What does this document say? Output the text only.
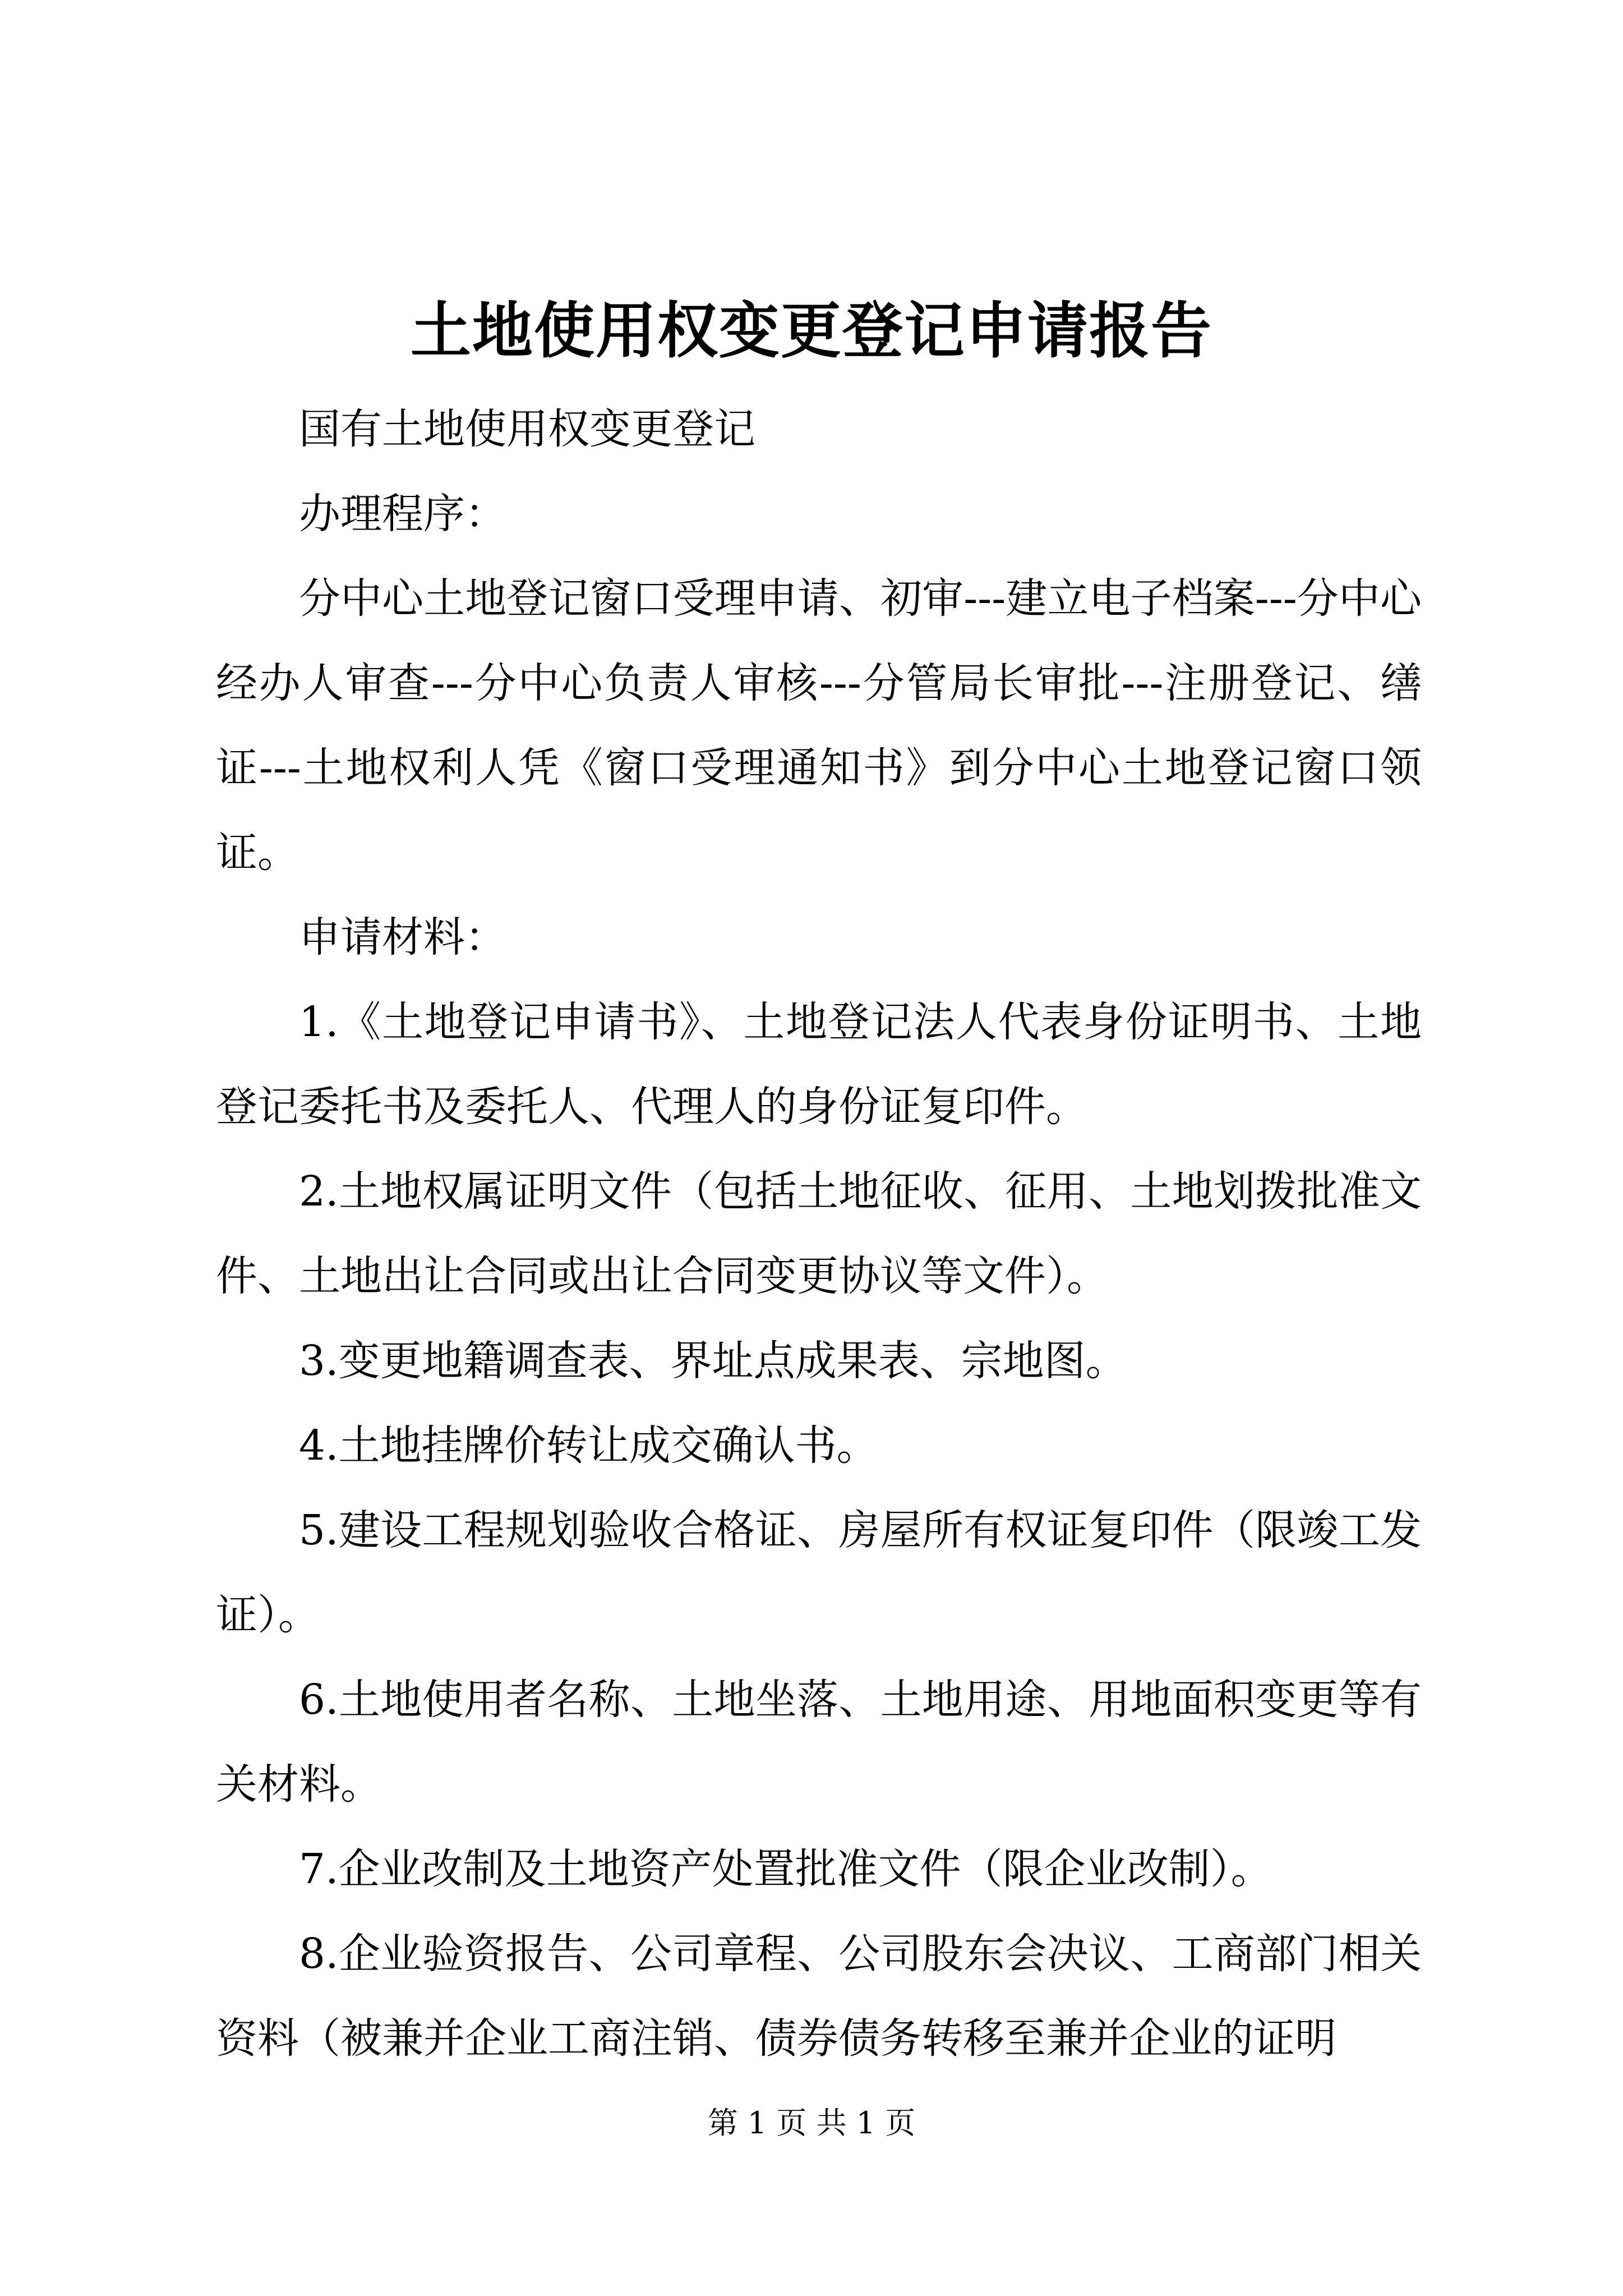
土地使用权变更登记申请报告

国有土地使用权变更登记

办理程序：

分中心土地登记窗口受理申请、初审---建立电子档案---分中心经办人审查---分中心负责人审核---分管局长审批---注册登记、缮证---土地权利人凭《窗口受理通知书》到分中心土地登记窗口领证。

申请材料：

1.《土地登记申请书》、土地登记法人代表身份证明书、土地登记委托书及委托人、代理人的身份证复印件。

2.土地权属证明文件（包括土地征收、征用、土地划拨批准文件、土地出让合同或出让合同变更协议等文件）。

3.变更地籍调查表、界址点成果表、宗地图。

4.土地挂牌价转让成交确认书。

5.建设工程规划验收合格证、房屋所有权证复印件（限竣工发证）。

6.土地使用者名称、土地坐落、土地用途、用地面积变更等有关材料。

7.企业改制及土地资产处置批准文件（限企业改制）。

8.企业验资报告、公司章程、公司股东会决议、工商部门相关资料（被兼并企业工商注销、债券债务转移至兼并企业的证明

第 1 页 共 1 页
